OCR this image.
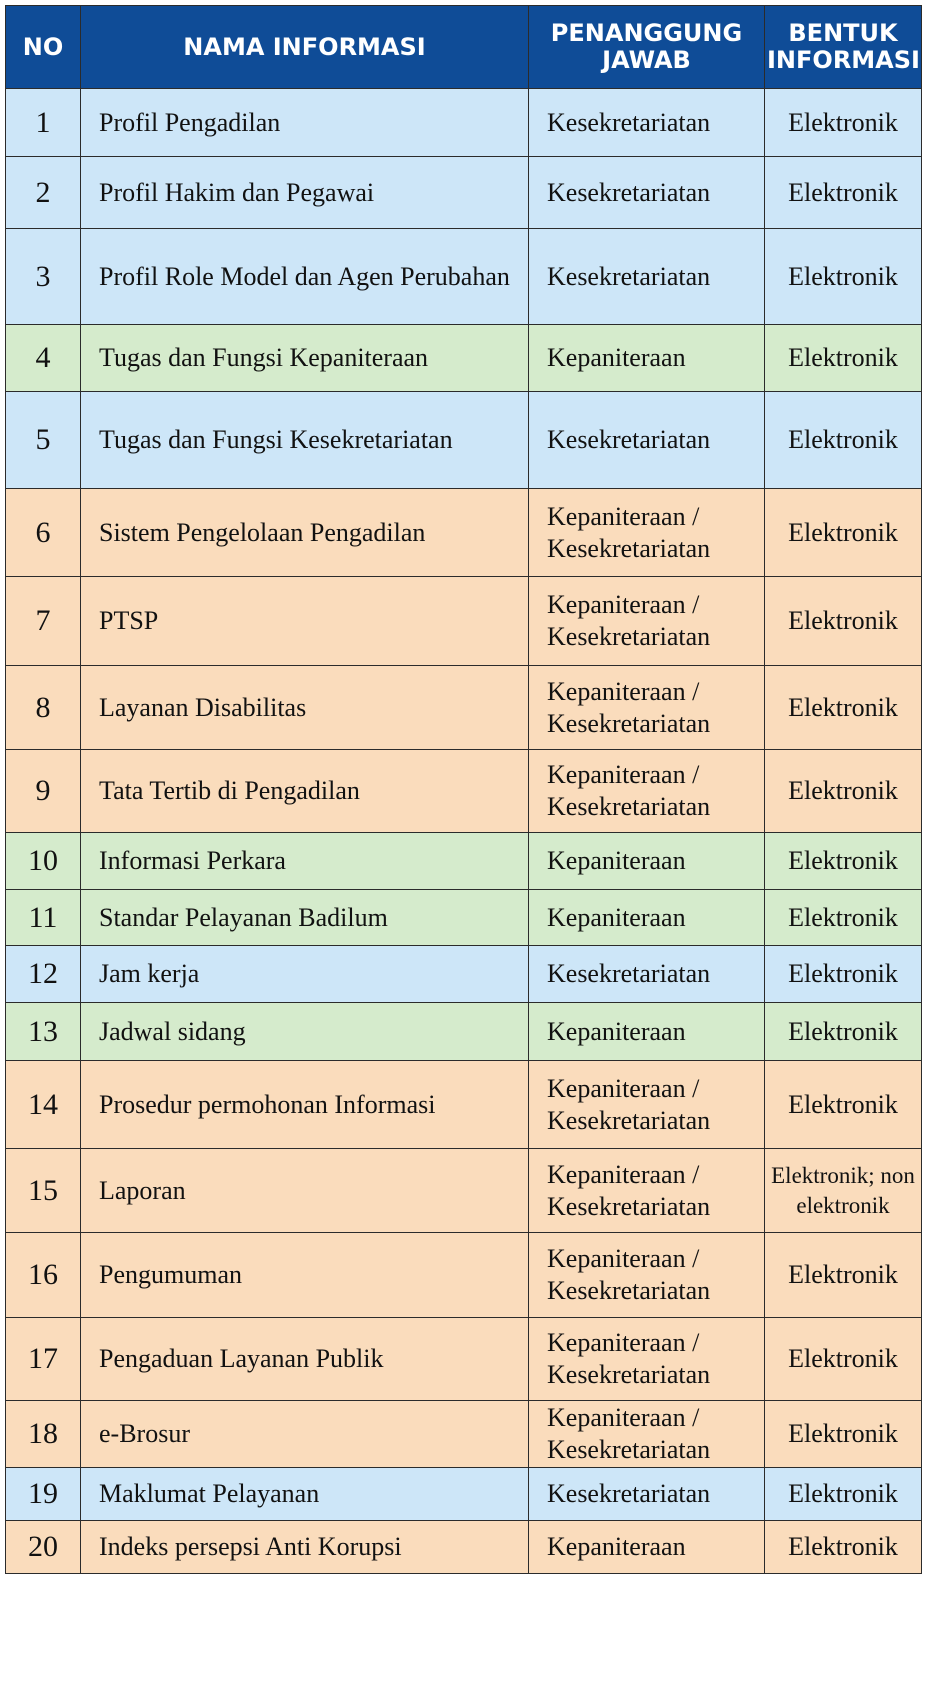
NO	NAMA INFORMASI	PENANGGUNG JAWAB	BENTUK INFORMASI
1	Profil Pengadilan	Kesekretariatan	Elektronik
2	Profil Hakim dan Pegawai	Kesekretariatan	Elektronik
3	Profil Role Model dan Agen Perubahan	Kesekretariatan	Elektronik
4	Tugas dan Fungsi Kepaniteraan	Kepaniteraan	Elektronik
5	Tugas dan Fungsi Kesekretariatan	Kesekretariatan	Elektronik
6	Sistem Pengelolaan Pengadilan	Kepaniteraan / Kesekretariatan	Elektronik
7	PTSP	Kepaniteraan / Kesekretariatan	Elektronik
8	Layanan Disabilitas	Kepaniteraan / Kesekretariatan	Elektronik
9	Tata Tertib di Pengadilan	Kepaniteraan / Kesekretariatan	Elektronik
10	Informasi Perkara	Kepaniteraan	Elektronik
11	Standar Pelayanan Badilum	Kepaniteraan	Elektronik
12	Jam kerja	Kesekretariatan	Elektronik
13	Jadwal sidang	Kepaniteraan	Elektronik
14	Prosedur permohonan Informasi	Kepaniteraan / Kesekretariatan	Elektronik
15	Laporan	Kepaniteraan / Kesekretariatan	Elektronik; non elektronik
16	Pengumuman	Kepaniteraan / Kesekretariatan	Elektronik
17	Pengaduan Layanan Publik	Kepaniteraan / Kesekretariatan	Elektronik
18	e-Brosur	Kepaniteraan / Kesekretariatan	Elektronik
19	Maklumat Pelayanan	Kesekretariatan	Elektronik
20	Indeks persepsi Anti Korupsi	Kepaniteraan	Elektronik
